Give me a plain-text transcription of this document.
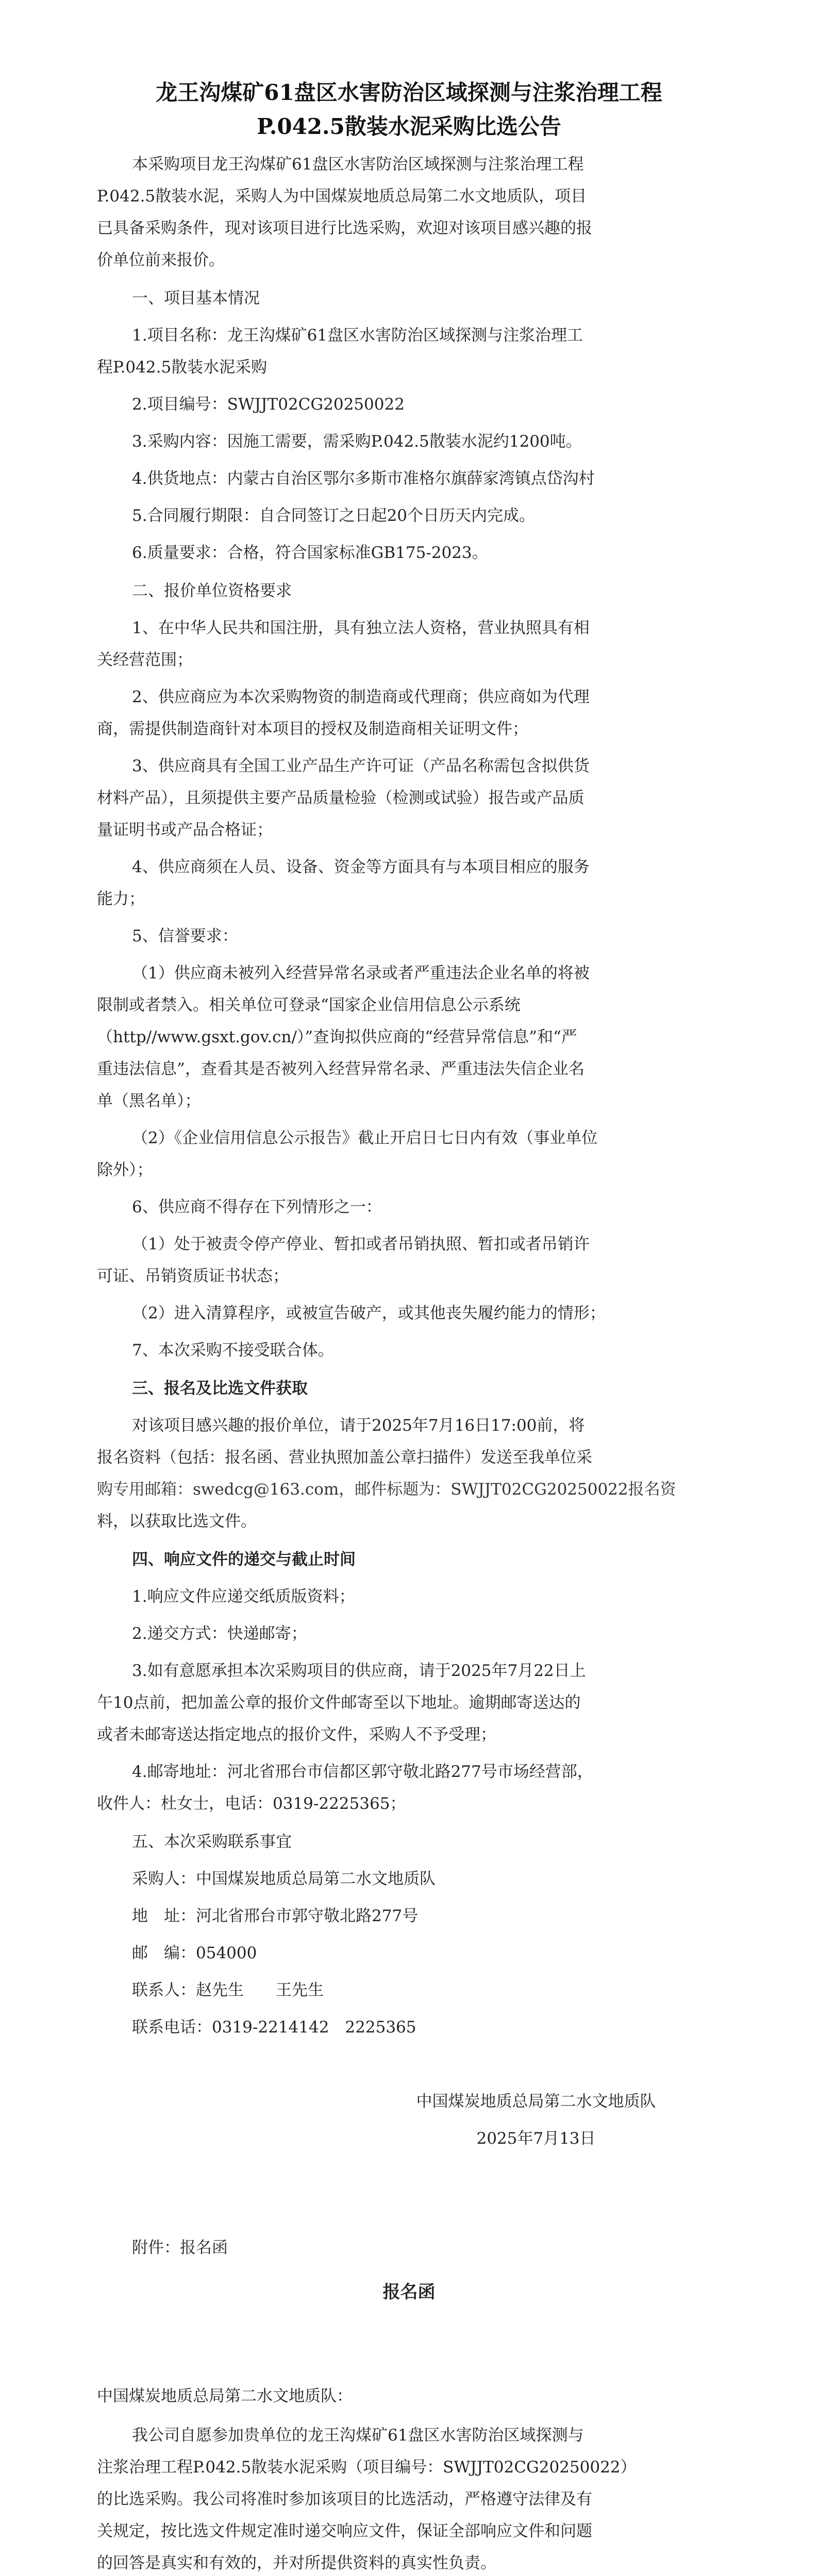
龙王沟煤矿61盘区水害防治区域探测与注浆治理工程
P.042.5散装水泥采购比选公告
本采购项目龙王沟煤矿61盘区水害防治区域探测与注浆治理工程
P.042.5散装水泥，采购人为中国煤炭地质总局第二水文地质队，项目
已具备采购条件，现对该项目进行比选采购，欢迎对该项目感兴趣的报
价单位前来报价。
一、项目基本情况
1.项目名称：龙王沟煤矿61盘区水害防治区域探测与注浆治理工
程P.042.5散装水泥采购
2.项目编号：SWJJT02CG20250022
3.采购内容：因施工需要，需采购P.042.5散装水泥约1200吨。
4.供货地点：内蒙古自治区鄂尔多斯市准格尔旗薛家湾镇点岱沟村
5.合同履行期限：自合同签订之日起20个日历天内完成。
6.质量要求：合格，符合国家标准GB175-2023。
二、报价单位资格要求
1、在中华人民共和国注册，具有独立法人资格，营业执照具有相
关经营范围；
2、供应商应为本次采购物资的制造商或代理商；供应商如为代理
商，需提供制造商针对本项目的授权及制造商相关证明文件；
3、供应商具有全国工业产品生产许可证（产品名称需包含拟供货
材料产品），且须提供主要产品质量检验（检测或试验）报告或产品质
量证明书或产品合格证；
4、供应商须在人员、设备、资金等方面具有与本项目相应的服务
能力；
5、信誉要求：
（1）供应商未被列入经营异常名录或者严重违法企业名单的将被
限制或者禁入。相关单位可登录“国家企业信用信息公示系统
（http//www.gsxt.gov.cn/）”查询拟供应商的“经营异常信息”和“严
重违法信息”，查看其是否被列入经营异常名录、严重违法失信企业名
单（黑名单）；
（2）《企业信用信息公示报告》截止开启日七日内有效（事业单位
除外）；
6、供应商不得存在下列情形之一：
（1）处于被责令停产停业、暂扣或者吊销执照、暂扣或者吊销许
可证、吊销资质证书状态；
（2）进入清算程序，或被宣告破产，或其他丧失履约能力的情形；
7、本次采购不接受联合体。
三、报名及比选文件获取
对该项目感兴趣的报价单位，请于2025年7月16日17:00前，将
报名资料（包括：报名函、营业执照加盖公章扫描件）发送至我单位采
购专用邮箱：swedcg@163.com，邮件标题为：SWJJT02CG20250022报名资
料，以获取比选文件。
四、响应文件的递交与截止时间
1.响应文件应递交纸质版资料；
2.递交方式：快递邮寄；
3.如有意愿承担本次采购项目的供应商，请于2025年7月22日上
午10点前，把加盖公章的报价文件邮寄至以下地址。逾期邮寄送达的
或者未邮寄送达指定地点的报价文件，采购人不予受理；
4.邮寄地址：河北省邢台市信都区郭守敬北路277号市场经营部，
收件人：杜女士，电话：0319-2225365；
五、本次采购联系事宜
采购人：中国煤炭地质总局第二水文地质队
地　址：河北省邢台市郭守敬北路277号
邮　编：054000
联系人：赵先生　　王先生
联系电话：0319-2214142　2225365
中国煤炭地质总局第二水文地质队
2025年7月13日
附件：报名函
报名函
中国煤炭地质总局第二水文地质队：
我公司自愿参加贵单位的龙王沟煤矿61盘区水害防治区域探测与
注浆治理工程P.042.5散装水泥采购（项目编号：SWJJT02CG20250022）
的比选采购。我公司将准时参加该项目的比选活动，严格遵守法律及有
关规定，按比选文件规定准时递交响应文件，保证全部响应文件和问题
的回答是真实和有效的，并对所提供资料的真实性负责。
